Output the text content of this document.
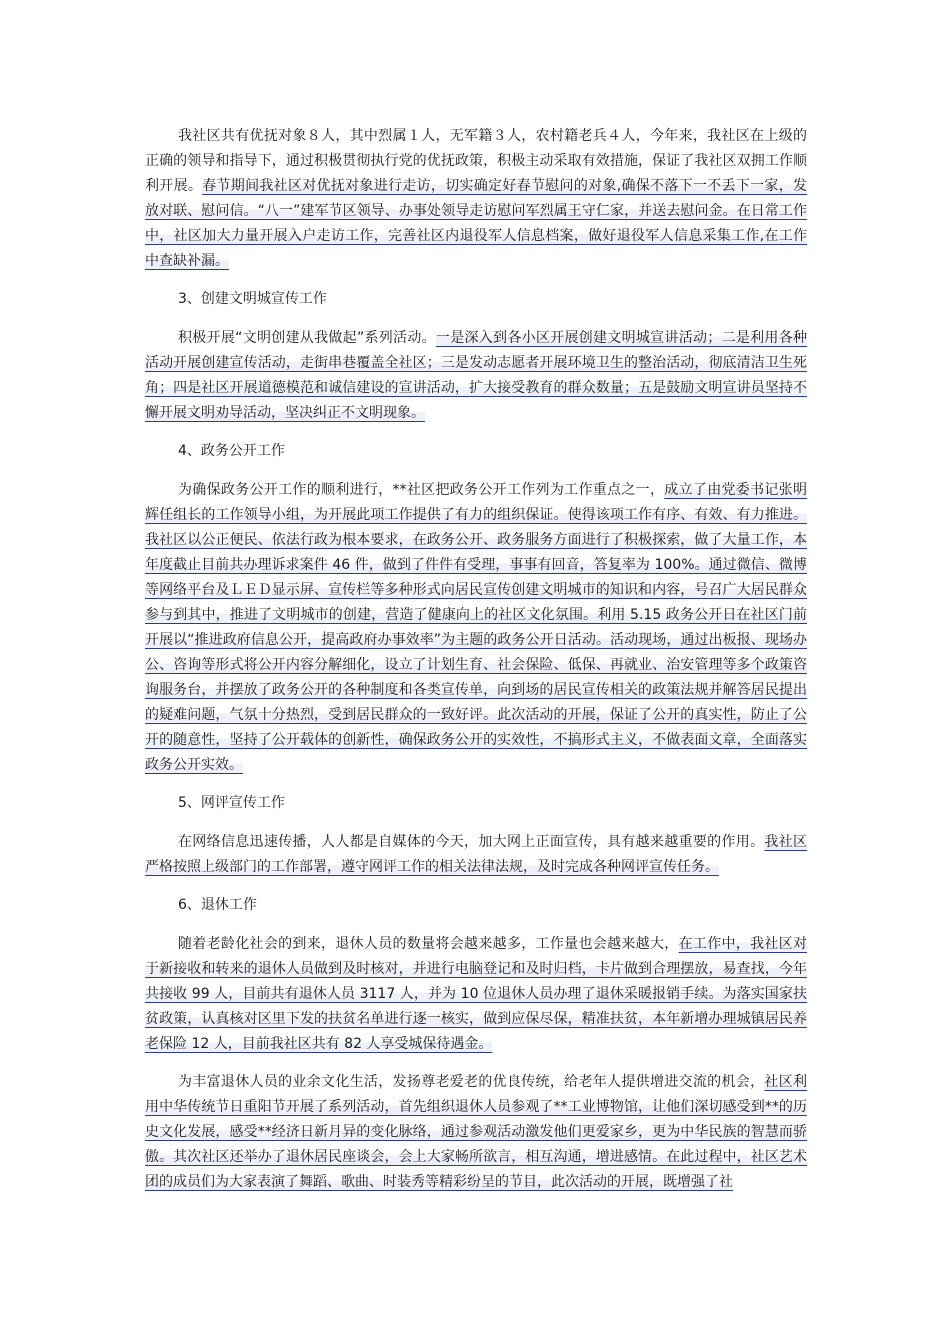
我社区共有优抚对象８人，其中烈属１人，无军籍３人，农村籍老兵４人，今年来，我社区在上级的正确的领导和指导下，通过积极贯彻执行党的优抚政策，积极主动采取有效措施，保证了我社区双拥工作顺利开展。春节期间我社区对优抚对象进行走访，切实确定好春节慰问的对象,确保不落下一不丢下一家，发放对联、慰问信。“八一”建军节区领导、办事处领导走访慰问军烈属王守仁家，并送去慰问金。在日常工作中，社区加大力量开展入户走访工作，完善社区内退役军人信息档案，做好退役军人信息采集工作,在工作中查缺补漏。

3、创建文明城宣传工作

积极开展“文明创建从我做起”系列活动。一是深入到各小区开展创建文明城宣讲活动；二是利用各种活动开展创建宣传活动，走街串巷覆盖全社区；三是发动志愿者开展环境卫生的整治活动，彻底清洁卫生死角；四是社区开展道德模范和诚信建设的宣讲活动，扩大接受教育的群众数量；五是鼓励文明宣讲员坚持不懈开展文明劝导活动，坚决纠正不文明现象。

4、政务公开工作

为确保政务公开工作的顺利进行，**社区把政务公开工作列为工作重点之一，成立了由党委书记张明辉任组长的工作领导小组，为开展此项工作提供了有力的组织保证。使得该项工作有序、有效、有力推进。我社区以公正便民、依法行政为根本要求，在政务公开、政务服务方面进行了积极探索，做了大量工作，本年度截止目前共办理诉求案件 46 件，做到了件件有受理，事事有回音，答复率为 100%。通过微信、微博等网络平台及ＬＥＤ显示屏、宣传栏等多种形式向居民宣传创建文明城市的知识和内容，号召广大居民群众参与到其中，推进了文明城市的创建，营造了健康向上的社区文化氛围。利用 5.15 政务公开日在社区门前开展以“推进政府信息公开，提高政府办事效率”为主题的政务公开日活动。活动现场，通过出板报、现场办公、咨询等形式将公开内容分解细化，设立了计划生育、社会保险、低保、再就业、治安管理等多个政策咨询服务台，并摆放了政务公开的各种制度和各类宣传单，向到场的居民宣传相关的政策法规并解答居民提出的疑难问题，气氛十分热烈，受到居民群众的一致好评。此次活动的开展，保证了公开的真实性，防止了公开的随意性，坚持了公开载体的创新性，确保政务公开的实效性，不搞形式主义，不做表面文章，全面落实政务公开实效。

5、网评宣传工作

在网络信息迅速传播，人人都是自媒体的今天，加大网上正面宣传，具有越来越重要的作用。我社区严格按照上级部门的工作部署，遵守网评工作的相关法律法规，及时完成各种网评宣传任务。

6、退休工作

随着老龄化社会的到来，退休人员的数量将会越来越多，工作量也会越来越大，在工作中，我社区对于新接收和转来的退休人员做到及时核对，并进行电脑登记和及时归档，卡片做到合理摆放，易查找，今年共接收 99 人，目前共有退休人员 3117 人，并为 10 位退休人员办理了退休采暖报销手续。为落实国家扶贫政策，认真核对区里下发的扶贫名单进行逐一核实，做到应保尽保，精准扶贫，本年新增办理城镇居民养老保险 12 人，目前我社区共有 82 人享受城保待遇金。

为丰富退休人员的业余文化生活，发扬尊老爱老的优良传统，给老年人提供增进交流的机会，社区利用中华传统节日重阳节开展了系列活动，首先组织退休人员参观了**工业博物馆，让他们深切感受到**的历史文化发展，感受**经济日新月异的变化脉络，通过参观活动激发他们更爱家乡，更为中华民族的智慧而骄傲。其次社区还举办了退休居民座谈会，会上大家畅所欲言，相互沟通，增进感情。在此过程中，社区艺术团的成员们为大家表演了舞蹈、歌曲、时装秀等精彩纷呈的节目，此次活动的开展，既增强了社
